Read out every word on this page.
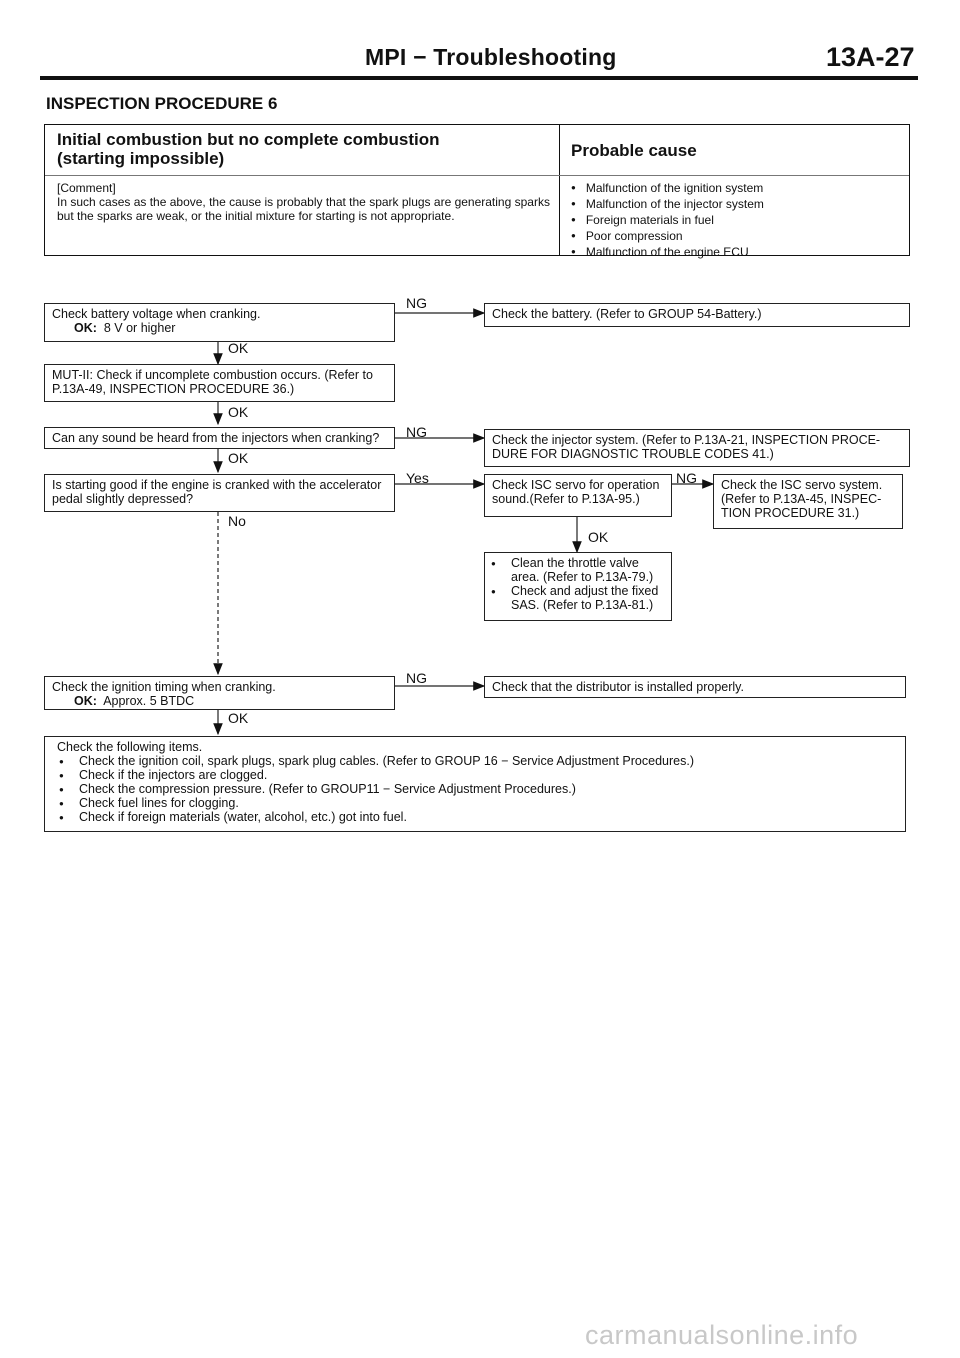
MPI − Troubleshooting	13A-27
INSPECTION PROCEDURE 6
Initial combustion but no complete combustion
(starting impossible)	Probable cause
[Comment]
In such cases as the above, the cause is probably that the spark plugs are generating sparks but the sparks are weak, or the initial mixture for starting is not appropriate.
● Malfunction of the ignition system
● Malfunction of the injector system
● Foreign materials in fuel
● Poor compression
● Malfunction of the engine ECU
NG
OK
OK
NG
OK
Yes
No
NG
OK
NG
OK
Check battery voltage when cranking.
OK: 8 V or higher
Check the battery. (Refer to GROUP 54-Battery.)
MUT-II: Check if uncomplete combustion occurs. (Refer to P.13A-49, INSPECTION PROCEDURE 36.)
Can any sound be heard from the injectors when cranking?	Check the injector system. (Refer to P.13A-21, INSPECTION PROCE-DURE FOR DIAGNOSTIC TROUBLE CODES 41.)
Is starting good if the engine is cranked with the accelerator pedal slightly depressed?
Check ISC servo for operation sound.(Refer to P.13A-95.)
Check the ISC servo system. (Refer to P.13A-45, INSPEC-TION PROCEDURE 31.)
● Clean the throttle valve area. (Refer to P.13A-79.)
● Check and adjust the fixed SAS. (Refer to P.13A-81.)
Check the ignition timing when cranking.
OK: Approx. 5 BTDC
Check that the distributor is installed properly.
Check the following items.
● Check the ignition coil, spark plugs, spark plug cables. (Refer to GROUP 16 − Service Adjustment Procedures.)
● Check if the injectors are clogged.
● Check the compression pressure. (Refer to GROUP11 − Service Adjustment Procedures.)
● Check fuel lines for clogging.
● Check if foreign materials (water, alcohol, etc.) got into fuel.
carmanualsonline.info
